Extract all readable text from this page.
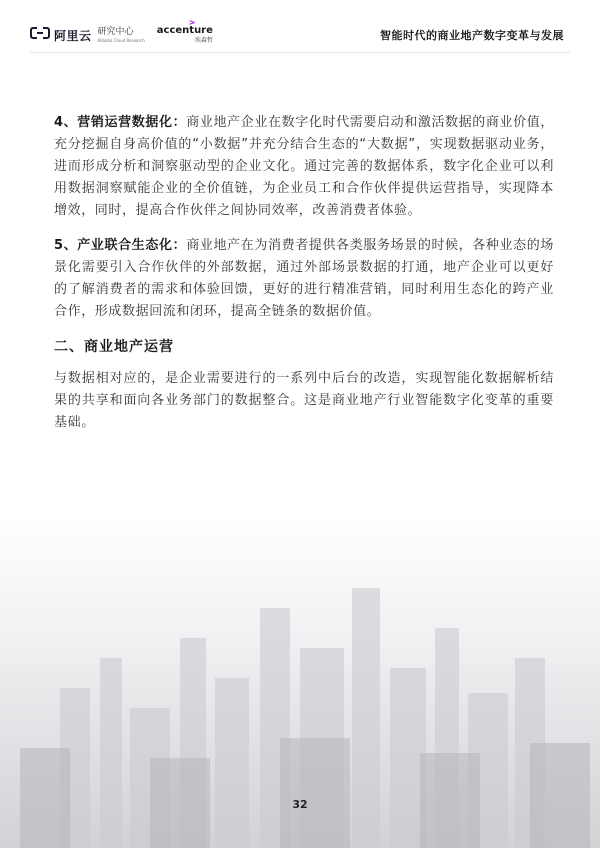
阿里云 研究中心
Alibaba Cloud Research
>
accenture
埃森哲	智能时代的商业地产数字变革与发展

4、营销运营数据化：商业地产企业在数字化时代需要启动和激活数据的商业价值，充分挖掘自身高价值的“小数据”并充分结合生态的“大数据”，实现数据驱动业务，进而形成分析和洞察驱动型的企业文化。通过完善的数据体系，数字化企业可以利用数据洞察赋能企业的全价值链，为企业员工和合作伙伴提供运营指导，实现降本增效，同时，提高合作伙伴之间协同效率，改善消费者体验。

5、产业联合生态化：商业地产在为消费者提供各类服务场景的时候，各种业态的场景化需要引入合作伙伴的外部数据，通过外部场景数据的打通，地产企业可以更好的了解消费者的需求和体验回馈，更好的进行精准营销，同时利用生态化的跨产业合作，形成数据回流和闭环，提高全链条的数据价值。

二、商业地产运营

与数据相对应的，是企业需要进行的一系列中后台的改造，实现智能化数据解析结果的共享和面向各业务部门的数据整合。这是商业地产行业智能数字化变革的重要基础。

32
